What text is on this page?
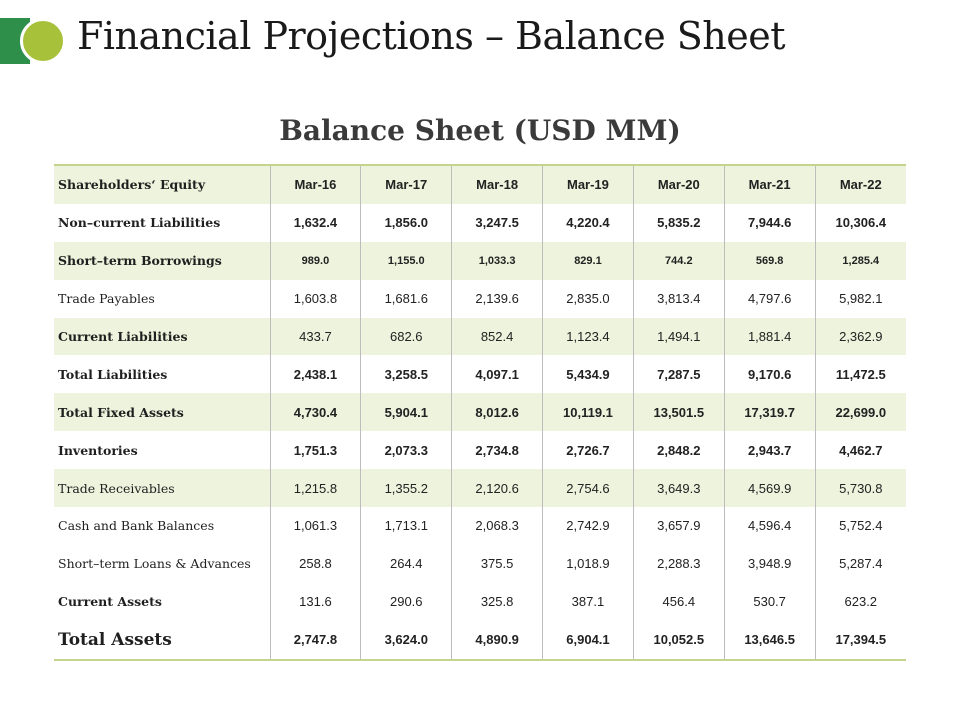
Financial Projections – Balance Sheet
Balance Sheet (USD MM)
Shareholders‘ Equity	Mar-16	Mar-17	Mar-18	Mar-19	Mar-20	Mar-21	Mar-22
Non–current Liabilities	1,632.4	1,856.0	3,247.5	4,220.4	5,835.2	7,944.6	10,306.4
Short–term Borrowings	989.0	1,155.0	1,033.3	829.1	744.2	569.8	1,285.4
Trade Payables	1,603.8	1,681.6	2,139.6	2,835.0	3,813.4	4,797.6	5,982.1
Current Liabilities	433.7	682.6	852.4	1,123.4	1,494.1	1,881.4	2,362.9
Total Liabilities	2,438.1	3,258.5	4,097.1	5,434.9	7,287.5	9,170.6	11,472.5
Total Fixed Assets	4,730.4	5,904.1	8,012.6	10,119.1	13,501.5	17,319.7	22,699.0
Inventories	1,751.3	2,073.3	2,734.8	2,726.7	2,848.2	2,943.7	4,462.7
Trade Receivables	1,215.8	1,355.2	2,120.6	2,754.6	3,649.3	4,569.9	5,730.8
Cash and Bank Balances	1,061.3	1,713.1	2,068.3	2,742.9	3,657.9	4,596.4	5,752.4
Short–term Loans & Advances	258.8	264.4	375.5	1,018.9	2,288.3	3,948.9	5,287.4
Current Assets	131.6	290.6	325.8	387.1	456.4	530.7	623.2
Total Assets	2,747.8	3,624.0	4,890.9	6,904.1	10,052.5	13,646.5	17,394.5
